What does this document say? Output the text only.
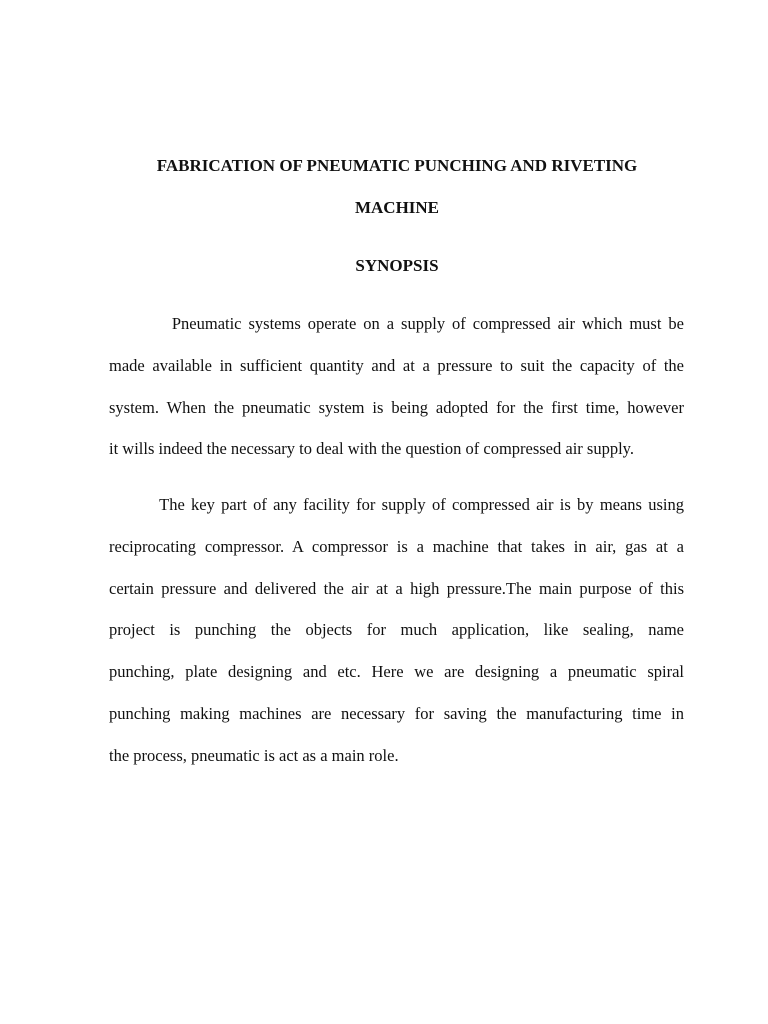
FABRICATION OF PNEUMATIC PUNCHING AND RIVETING
MACHINE
SYNOPSIS
Pneumatic systems operate on a supply of compressed air which must be
made available in sufficient quantity and at a pressure to suit the capacity of the
system. When the pneumatic system is being adopted for the first time, however
it wills indeed the necessary to deal with the question of compressed air supply.
The key part of any facility for supply of compressed air is by means using
reciprocating compressor. A compressor is a machine that takes in air, gas at a
certain pressure and delivered the air at a high pressure.The main purpose of this
project is punching the objects for much application, like sealing, name
punching, plate designing and etc. Here we are designing a pneumatic spiral
punching making machines are necessary for saving the manufacturing time in
the process, pneumatic is act as a main role.
